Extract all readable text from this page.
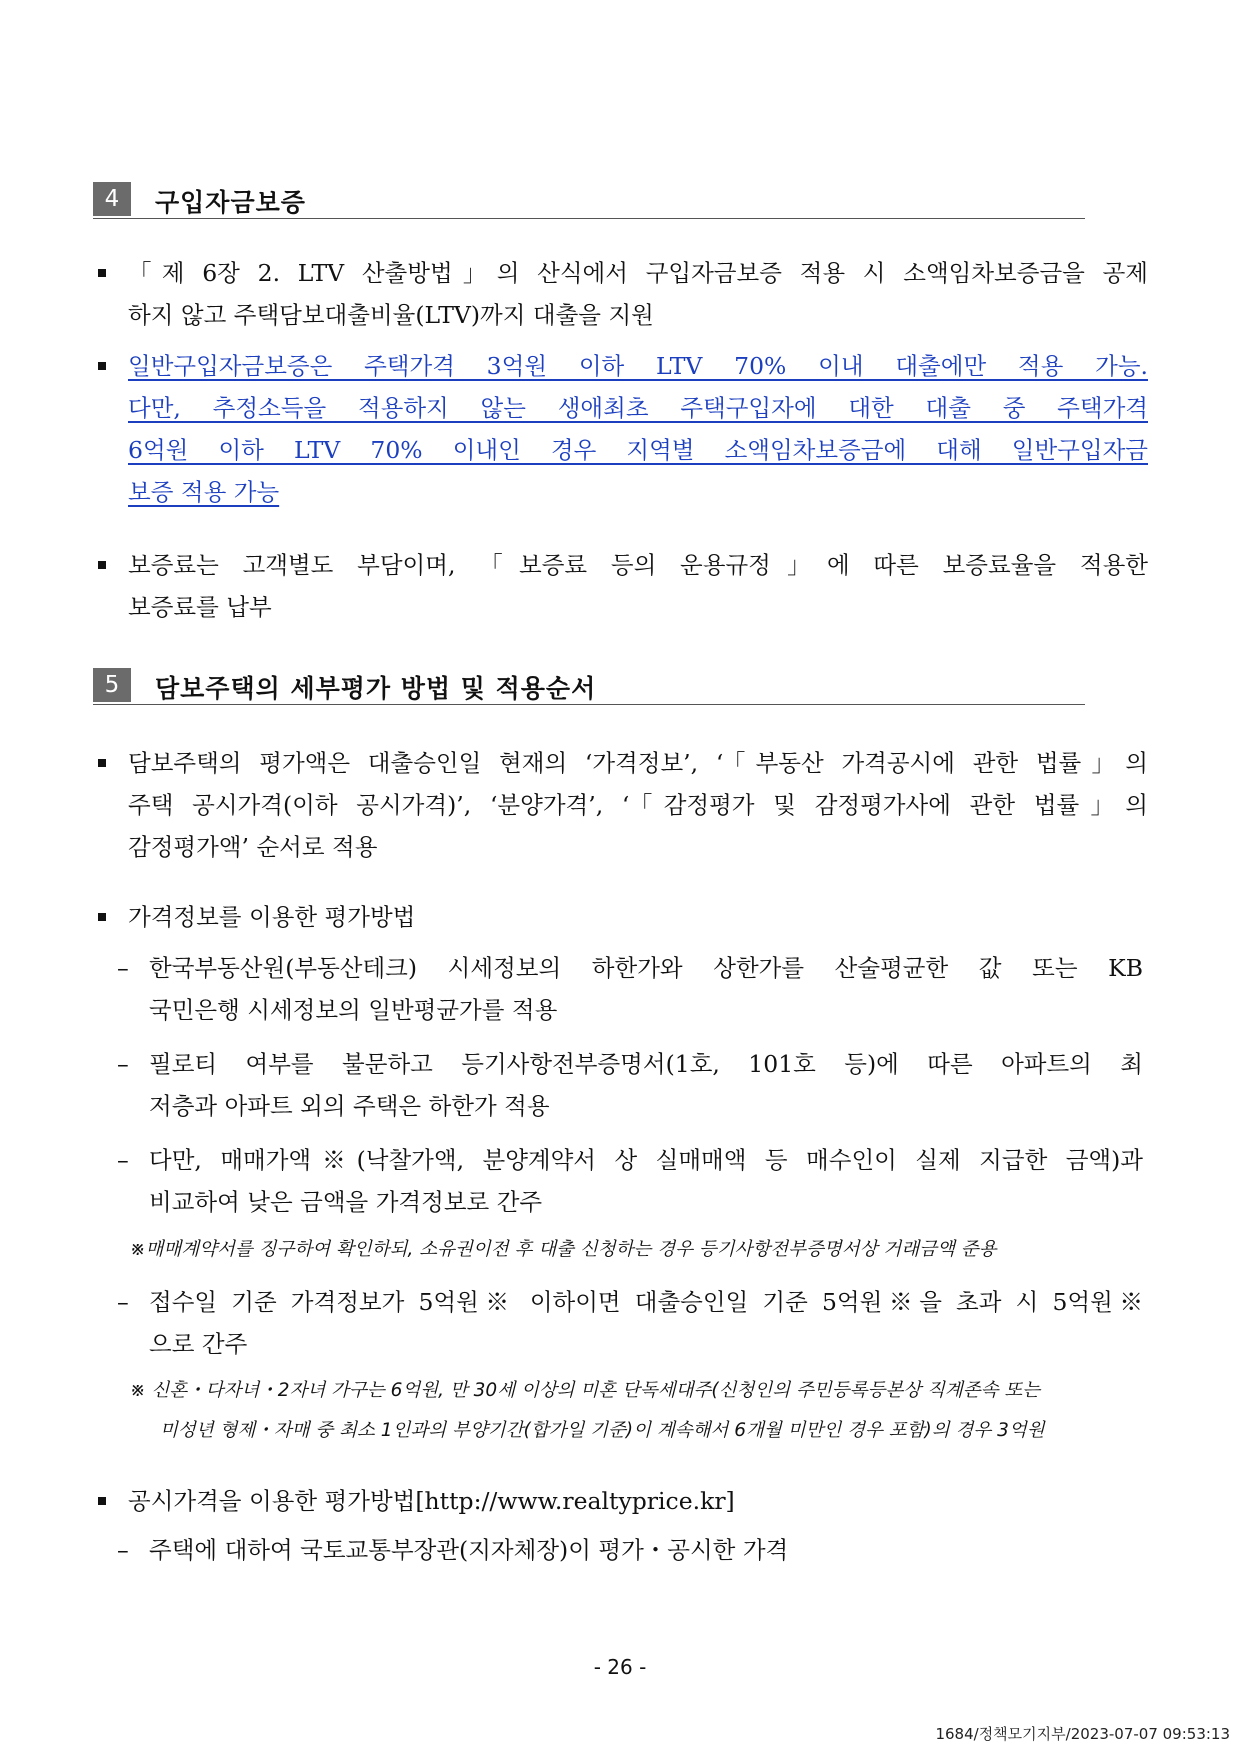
4	구입자금보증
「제 6장 2. LTV 산출방법」의 산식에서 구입자금보증 적용 시 소액임차보증금을 공제
하지 않고 주택담보대출비율(LTV)까지 대출을 지원
일반구입자금보증은 주택가격 3억원 이하 LTV 70% 이내 대출에만 적용 가능.
다만, 추정소득을 적용하지 않는 생애최초 주택구입자에 대한 대출 중 주택가격
6억원 이하 LTV 70% 이내인 경우 지역별 소액임차보증금에 대해 일반구입자금
보증 적용 가능
보증료는 고객별도 부담이며, 「보증료 등의 운용규정」에 따른 보증료율을 적용한
보증료를 납부
5	담보주택의 세부평가 방법 및 적용순서
담보주택의 평가액은 대출승인일 현재의 ‘가격정보’, ‘「부동산 가격공시에 관한 법률」의
주택 공시가격(이하 공시가격)’, ‘분양가격’, ‘「감정평가 및 감정평가사에 관한 법률」의
감정평가액’ 순서로 적용
가격정보를 이용한 평가방법
– 한국부동산원(부동산테크) 시세정보의 하한가와 상한가를 산술평균한 값 또는 KB
국민은행 시세정보의 일반평균가를 적용
– 필로티 여부를 불문하고 등기사항전부증명서(1호, 101호 등)에 따른 아파트의 최
저층과 아파트 외의 주택은 하한가 적용
– 다만, 매매가액※(낙찰가액, 분양계약서 상 실매매액 등 매수인이 실제 지급한 금액)과
비교하여 낮은 금액을 가격정보로 간주
※매매계약서를 징구하여 확인하되, 소유권이전 후 대출 신청하는 경우 등기사항전부증명서상 거래금액 준용
– 접수일 기준 가격정보가 5억원※ 이하이면 대출승인일 기준 5억원※을 초과 시 5억원※
으로 간주
※ 신혼・다자녀・2자녀 가구는 6억원, 만 30세 이상의 미혼 단독세대주(신청인의 주민등록등본상 직계존속 또는
미성년 형제・자매 중 최소 1인과의 부양기간(합가일 기준)이 계속해서 6개월 미만인 경우 포함)의 경우 3억원
공시가격을 이용한 평가방법[http://www.realtyprice.kr]
– 주택에 대하여 국토교통부장관(지자체장)이 평가・공시한 가격
- 26 -
1684/정책모기지부/2023-07-07 09:53:13
